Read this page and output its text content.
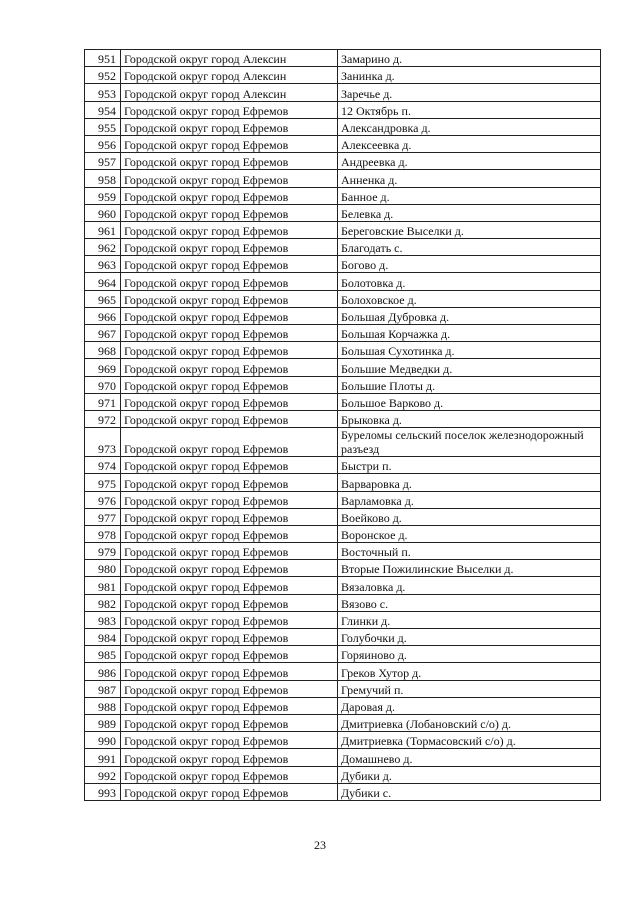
951	Городской округ город Алексин	Замарино д.
952	Городской округ город Алексин	Занинка д.
953	Городской округ город Алексин	Заречье д.
954	Городской округ город Ефремов	12 Октябрь п.
955	Городской округ город Ефремов	Александровка д.
956	Городской округ город Ефремов	Алексеевка д.
957	Городской округ город Ефремов	Андреевка д.
958	Городской округ город Ефремов	Анненка д.
959	Городской округ город Ефремов	Банное д.
960	Городской округ город Ефремов	Белевка д.
961	Городской округ город Ефремов	Береговские Выселки д.
962	Городской округ город Ефремов	Благодать с.
963	Городской округ город Ефремов	Богово д.
964	Городской округ город Ефремов	Болотовка д.
965	Городской округ город Ефремов	Болоховское д.
966	Городской округ город Ефремов	Большая Дубровка д.
967	Городской округ город Ефремов	Большая Корчажка д.
968	Городской округ город Ефремов	Большая Сухотинка д.
969	Городской округ город Ефремов	Большие Медведки д.
970	Городской округ город Ефремов	Большие Плоты д.
971	Городской округ город Ефремов	Большое Варково д.
972	Городской округ город Ефремов	Брыковка д.
973	Городской округ город Ефремов	Буреломы сельский поселок железнодорожный разъезд
974	Городской округ город Ефремов	Быстри п.
975	Городской округ город Ефремов	Варваровка д.
976	Городской округ город Ефремов	Варламовка д.
977	Городской округ город Ефремов	Воейково д.
978	Городской округ город Ефремов	Воронское д.
979	Городской округ город Ефремов	Восточный п.
980	Городской округ город Ефремов	Вторые Пожилинские Выселки д.
981	Городской округ город Ефремов	Вязаловка д.
982	Городской округ город Ефремов	Вязово с.
983	Городской округ город Ефремов	Глинки д.
984	Городской округ город Ефремов	Голубочки д.
985	Городской округ город Ефремов	Горяиново д.
986	Городской округ город Ефремов	Греков Хутор д.
987	Городской округ город Ефремов	Гремучий п.
988	Городской округ город Ефремов	Даровая д.
989	Городской округ город Ефремов	Дмитриевка (Лобановский с/о) д.
990	Городской округ город Ефремов	Дмитриевка (Тормасовский с/о) д.
991	Городской округ город Ефремов	Домашнево д.
992	Городской округ город Ефремов	Дубики д.
993	Городской округ город Ефремов	Дубики с.
23
